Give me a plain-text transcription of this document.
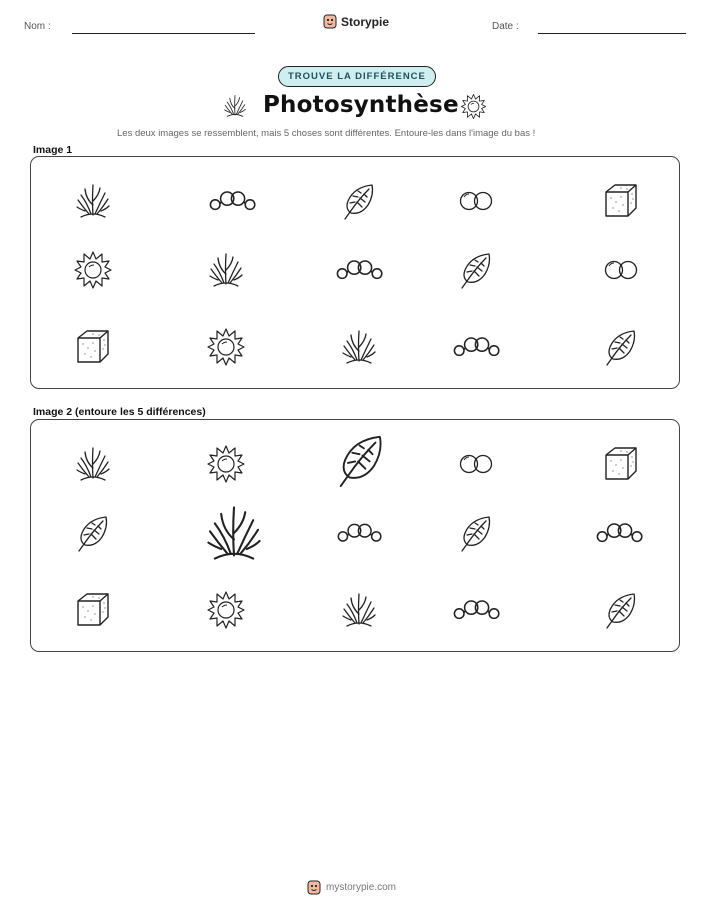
Nom :	Storypie	Date :
TROUVE LA DIFFÉRENCE
Photosynthèse
Les deux images se ressemblent, mais 5 choses sont différentes. Entoure-les dans l'image du bas !
Image 1
Image 2 (entoure les 5 différences)
mystorypie.com
